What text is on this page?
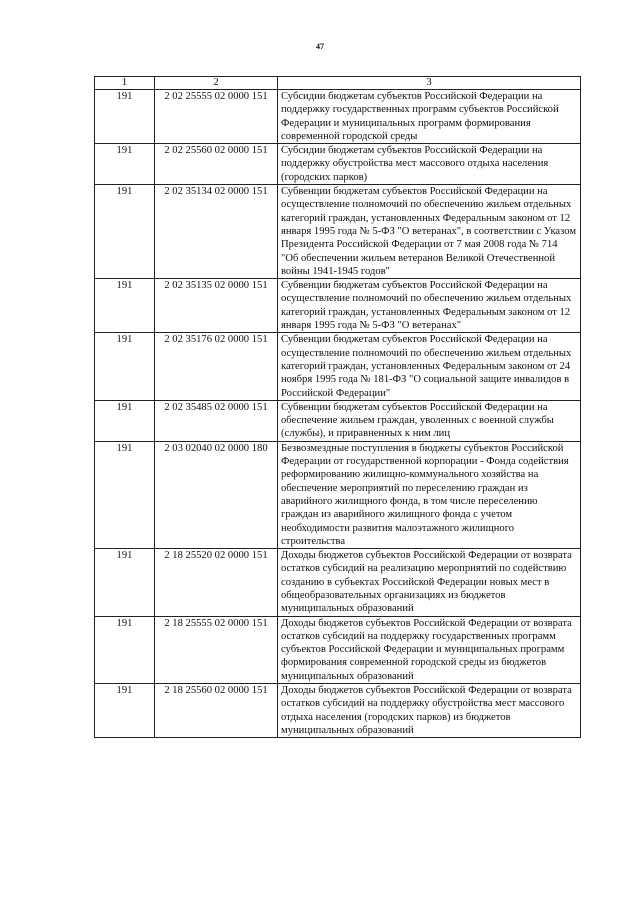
47
1	2	3
191	2 02 25555 02 0000 151	Субсидии бюджетам субъектов Российской Федерации на поддержку государственных программ субъектов Российской Федерации и муниципальных программ формирования современной городской среды
191	2 02 25560 02 0000 151	Субсидии бюджетам субъектов Российской Федерации на поддержку обустройства мест массового отдыха населения (городских парков)
191	2 02 35134 02 0000 151	Субвенции бюджетам субъектов Российской Федерации на осуществление полномочий по обеспечению жильем отдельных категорий граждан, установленных Федеральным законом от 12 января 1995 года № 5-ФЗ "О ветеранах", в соответствии с Указом Президента Российской Федерации от 7 мая 2008 года № 714 "Об обеспечении жильем ветеранов Великой Отечественной войны 1941-1945 годов"
191	2 02 35135 02 0000 151	Субвенции бюджетам субъектов Российской Федерации на осуществление полномочий по обеспечению жильем отдельных категорий граждан, установленных Федеральным законом от 12 января 1995 года № 5-ФЗ "О ветеранах"
191	2 02 35176 02 0000 151	Субвенции бюджетам субъектов Российской Федерации на осуществление полномочий по обеспечению жильем отдельных категорий граждан, установленных Федеральным законом от 24 ноября 1995 года № 181-ФЗ "О социальной защите инвалидов в Российской Федерации"
191	2 02 35485 02 0000 151	Субвенции бюджетам субъектов Российской Федерации на обеспечение жильем граждан, уволенных с военной службы (службы), и приравненных к ним лиц
191	2 03 02040 02 0000 180	Безвозмездные поступления в бюджеты субъектов Российской Федерации от государственной корпорации - Фонда содействия реформированию жилищно-коммунального хозяйства на обеспечение мероприятий по переселению граждан из аварийного жилищного фонда, в том числе переселению граждан из аварийного жилищного фонда с учетом необходимости развития малоэтажного жилищного строительства
191	2 18 25520 02 0000 151	Доходы бюджетов субъектов Российской Федерации от возврата остатков субсидий на реализацию мероприятий по содействию созданию в субъектах Российской Федерации новых мест в общеобразовательных организациях из бюджетов муниципальных образований
191	2 18 25555 02 0000 151	Доходы бюджетов субъектов Российской Федерации от возврата остатков субсидий на поддержку государственных программ субъектов Российской Федерации и муниципальных программ формирования современной городской среды из бюджетов муниципальных образований
191	2 18 25560 02 0000 151	Доходы бюджетов субъектов Российской Федерации от возврата остатков субсидий на поддержку обустройства мест массового отдыха населения (городских парков) из бюджетов муниципальных образований
